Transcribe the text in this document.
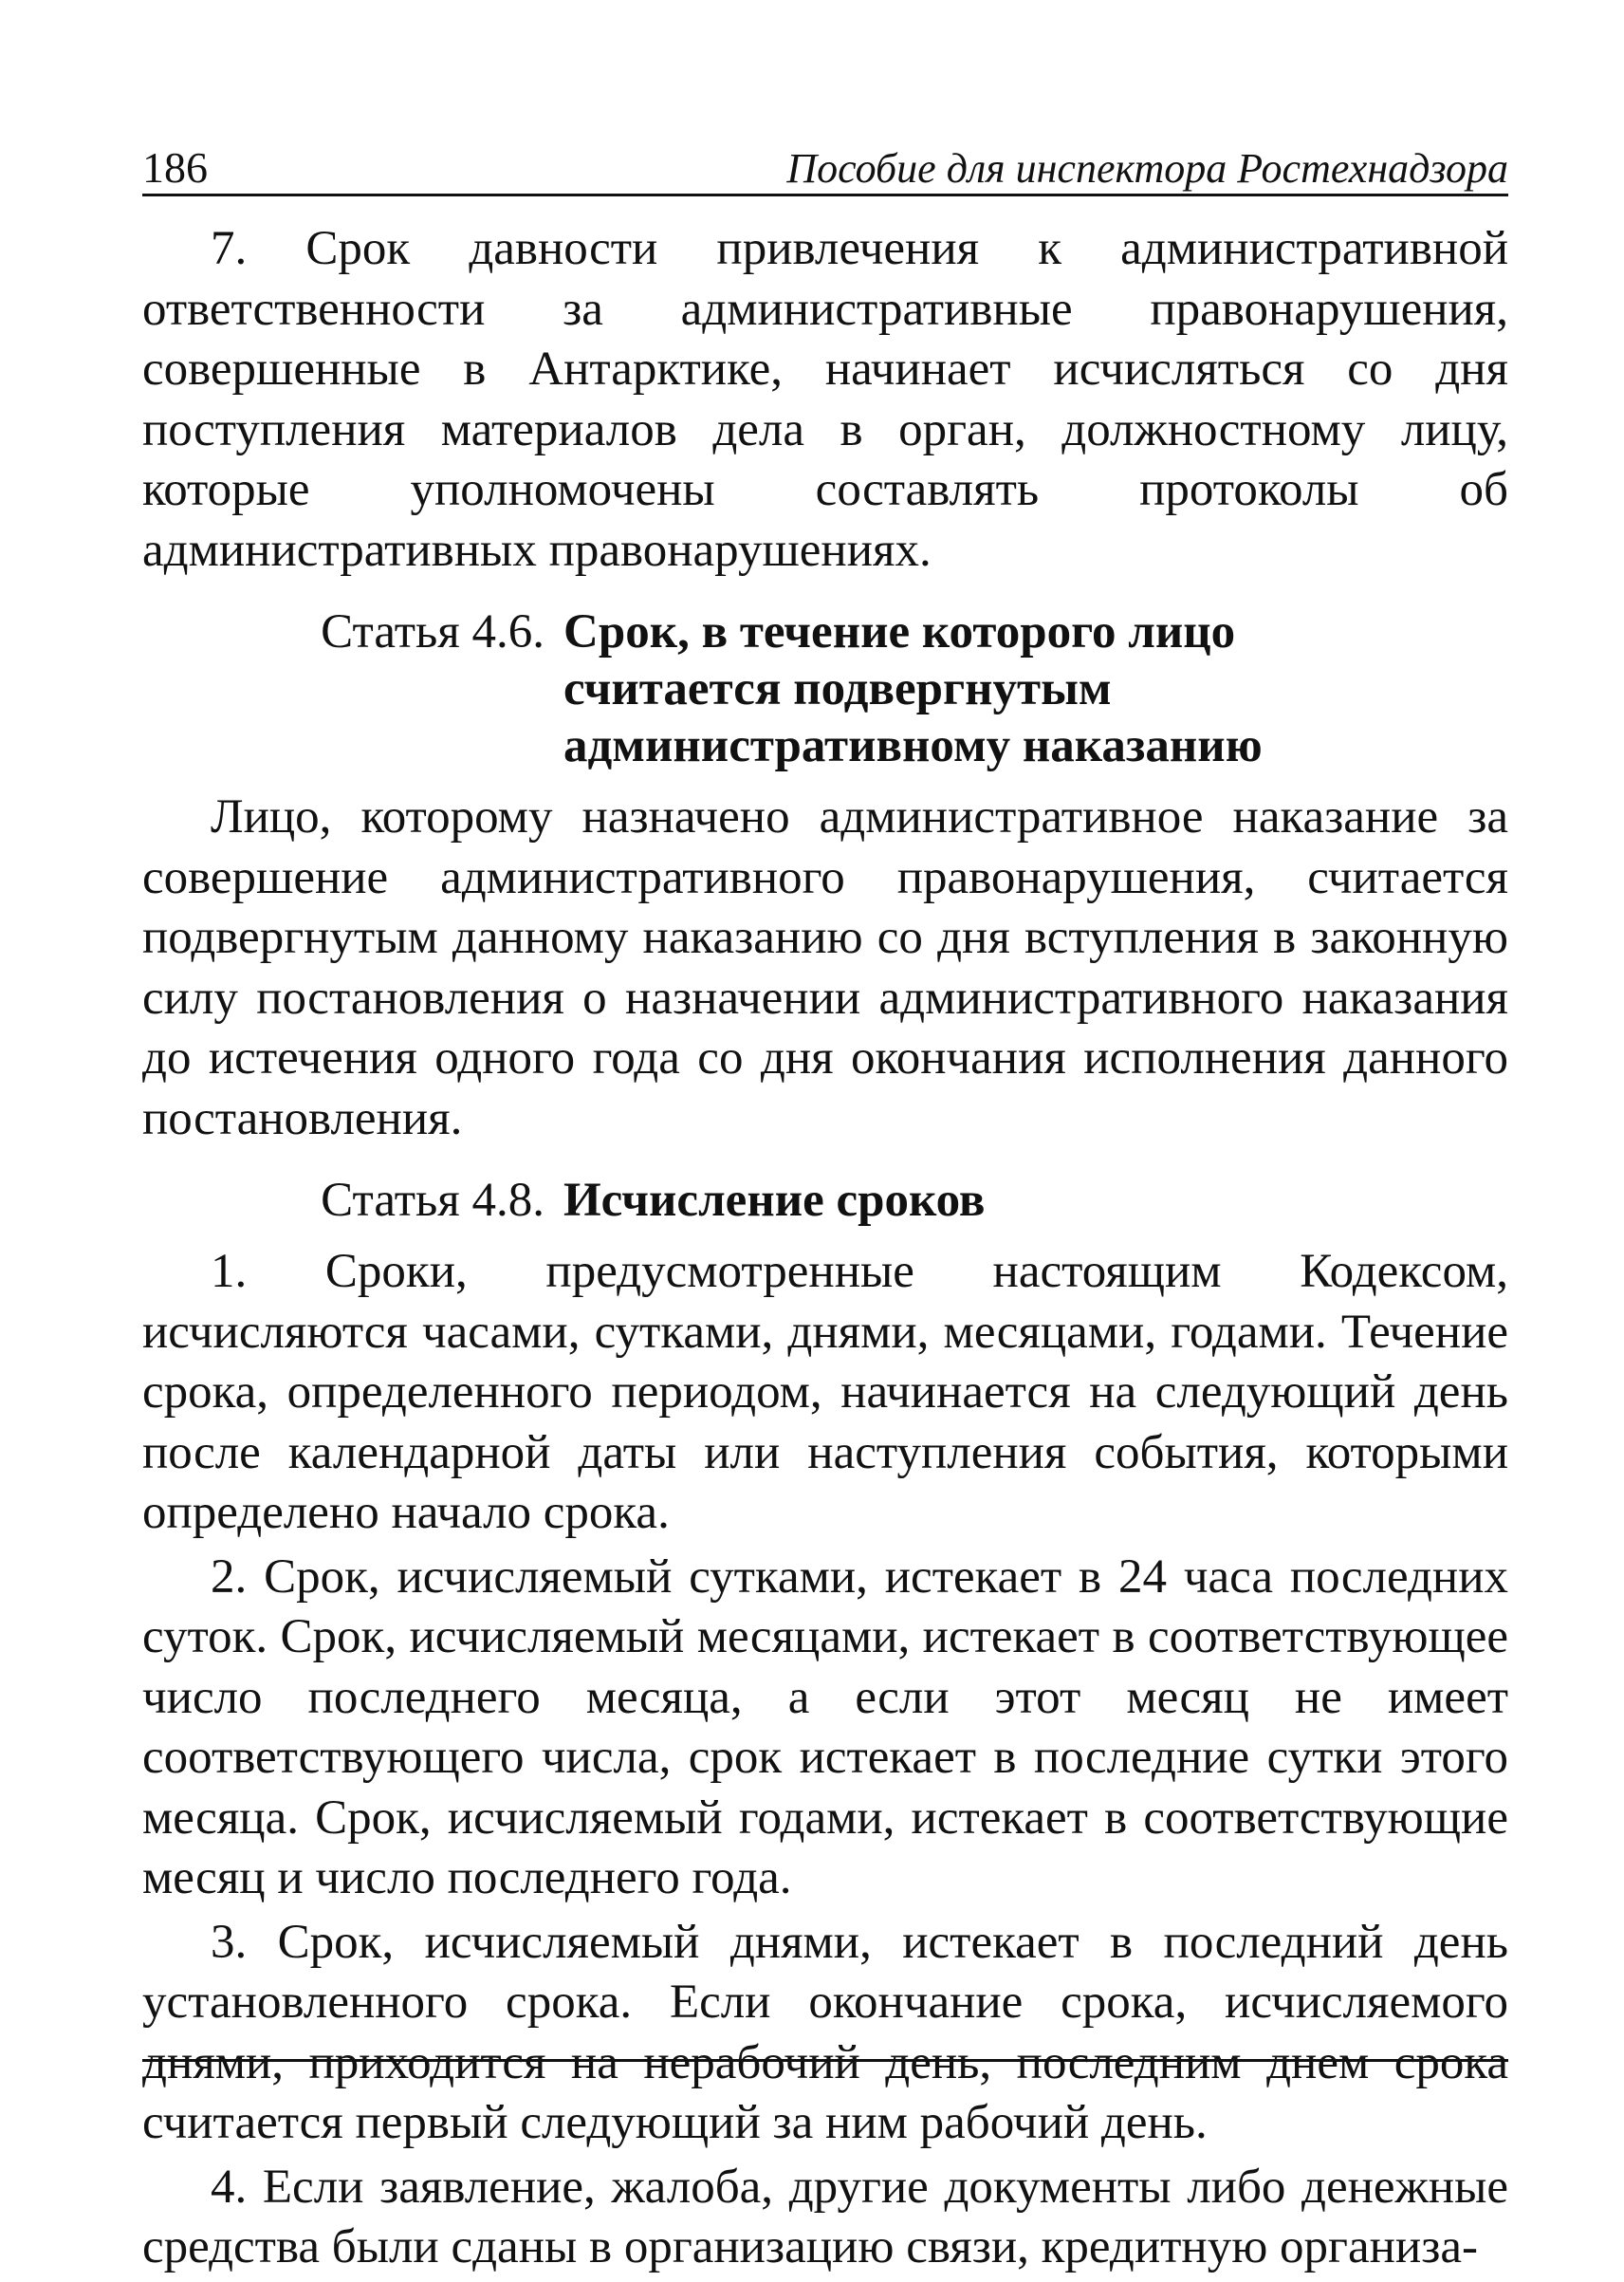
186	Пособие для инспектора Ростехнадзора

7. Срок давности привлечения к административной ответственности за административные правонарушения, совершенные в Антарктике, начинает исчисляться со дня поступления материалов дела в орган, должностному лицу, которые уполномочены составлять протоколы об административных правонарушениях.

Статья 4.6. Срок, в течение которого лицо считается подвергнутым административному наказанию

Лицо, которому назначено административное наказание за совершение административного правонарушения, считается подвергнутым данному наказанию со дня вступления в законную силу постановления о назначении административного наказания до истечения одного года со дня окончания исполнения данного постановления.

Статья 4.8. Исчисление сроков

1. Сроки, предусмотренные настоящим Кодексом, исчисляются часами, сутками, днями, месяцами, годами. Течение срока, определенного периодом, начинается на следующий день после календарной даты или наступления события, которыми определено начало срока.

2. Срок, исчисляемый сутками, истекает в 24 часа последних суток. Срок, исчисляемый месяцами, истекает в соответствующее число последнего месяца, а если этот месяц не имеет соответствующего числа, срок истекает в последние сутки этого месяца. Срок, исчисляемый годами, истекает в соответствующие месяц и число последнего года.

3. Срок, исчисляемый днями, истекает в последний день установленного срока. Если окончание срока, исчисляемого днями, приходится на нерабочий день, последним днем срока считается первый следующий за ним рабочий день.

4. Если заявление, жалоба, другие документы либо денежные средства были сданы в организацию связи, кредитную организа-
